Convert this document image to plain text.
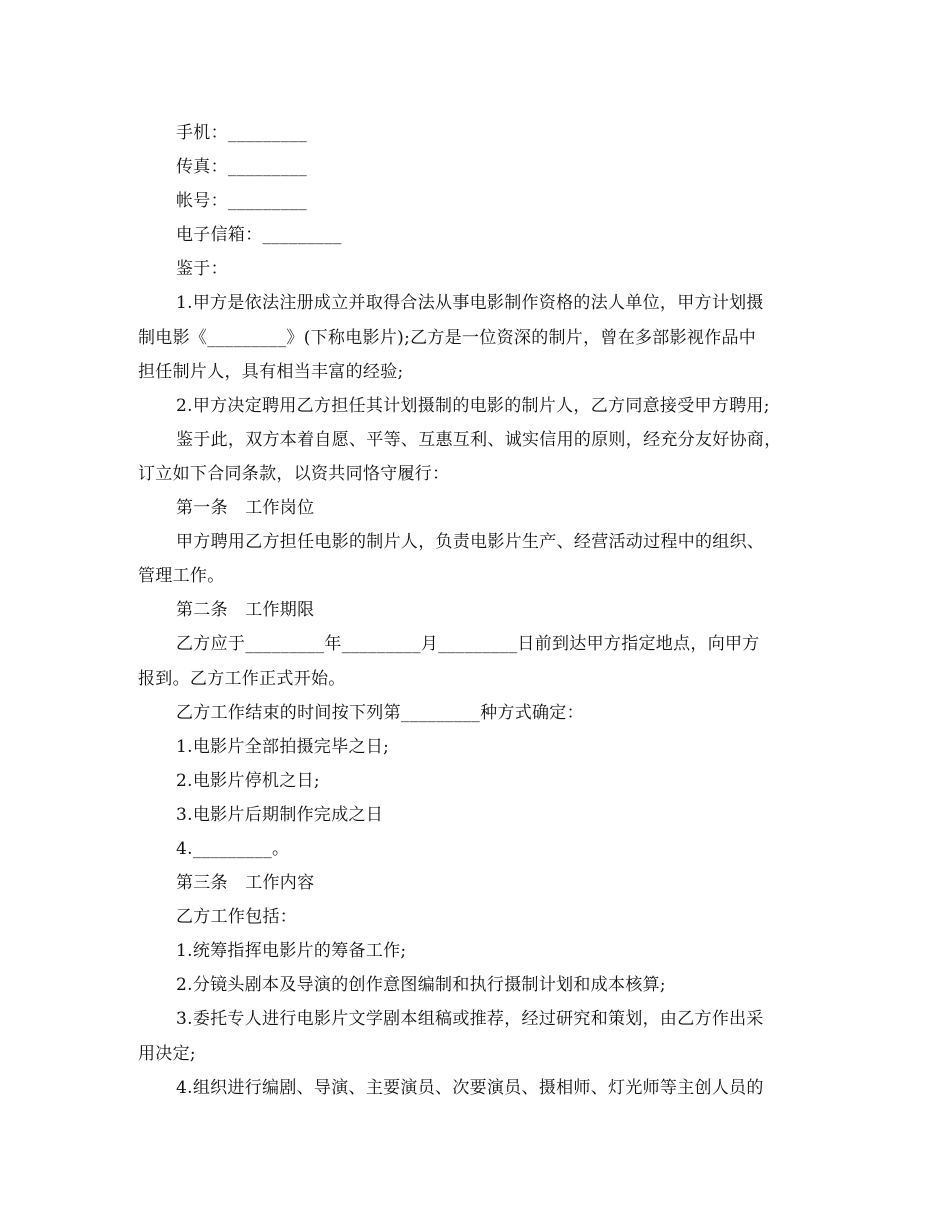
手机：_________
传真：_________
帐号：_________
电子信箱：_________
鉴于：
1.甲方是依法注册成立并取得合法从事电影制作资格的法人单位，甲方计划摄
制电影《_________》(下称电影片);乙方是一位资深的制片，曾在多部影视作品中
担任制片人，具有相当丰富的经验;
2.甲方决定聘用乙方担任其计划摄制的电影的制片人，乙方同意接受甲方聘用;
鉴于此，双方本着自愿、平等、互惠互利、诚实信用的原则，经充分友好协商，
订立如下合同条款，以资共同恪守履行：
第一条　工作岗位
甲方聘用乙方担任电影的制片人，负责电影片生产、经营活动过程中的组织、
管理工作。
第二条　工作期限
乙方应于_________年_________月_________日前到达甲方指定地点，向甲方
报到。乙方工作正式开始。
乙方工作结束的时间按下列第_________种方式确定：
1.电影片全部拍摄完毕之日;
2.电影片停机之日;
3.电影片后期制作完成之日
4._________。
第三条　工作内容
乙方工作包括：
1.统筹指挥电影片的筹备工作;
2.分镜头剧本及导演的创作意图编制和执行摄制计划和成本核算;
3.委托专人进行电影片文学剧本组稿或推荐，经过研究和策划，由乙方作出采
用决定;
4.组织进行编剧、导演、主要演员、次要演员、摄相师、灯光师等主创人员的
